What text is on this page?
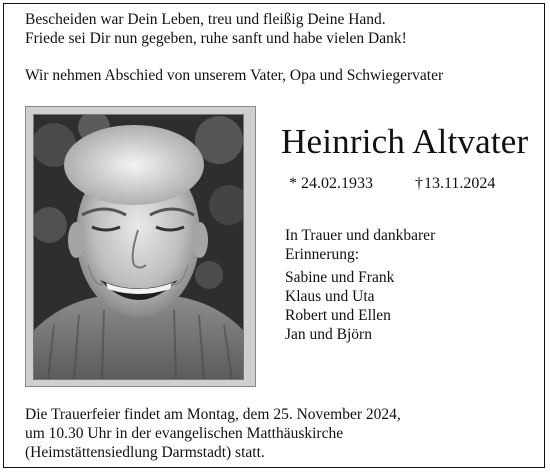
Bescheiden war Dein Leben, treu und fleißig Deine Hand.
Friede sei Dir nun gegeben, ruhe sanft und habe vielen Dank!
Wir nehmen Abschied von unserem Vater, Opa und Schwiegervater
Heinrich Altvater
* 24.02.1933	†13.11.2024
In Trauer und dankbarer
Erinnerung:
Sabine und Frank
Klaus und Uta
Robert und Ellen
Jan und Björn
Die Trauerfeier findet am Montag, dem 25. November 2024,
um 10.30 Uhr in der evangelischen Matthäuskirche
(Heimstättensiedlung Darmstadt) statt.
